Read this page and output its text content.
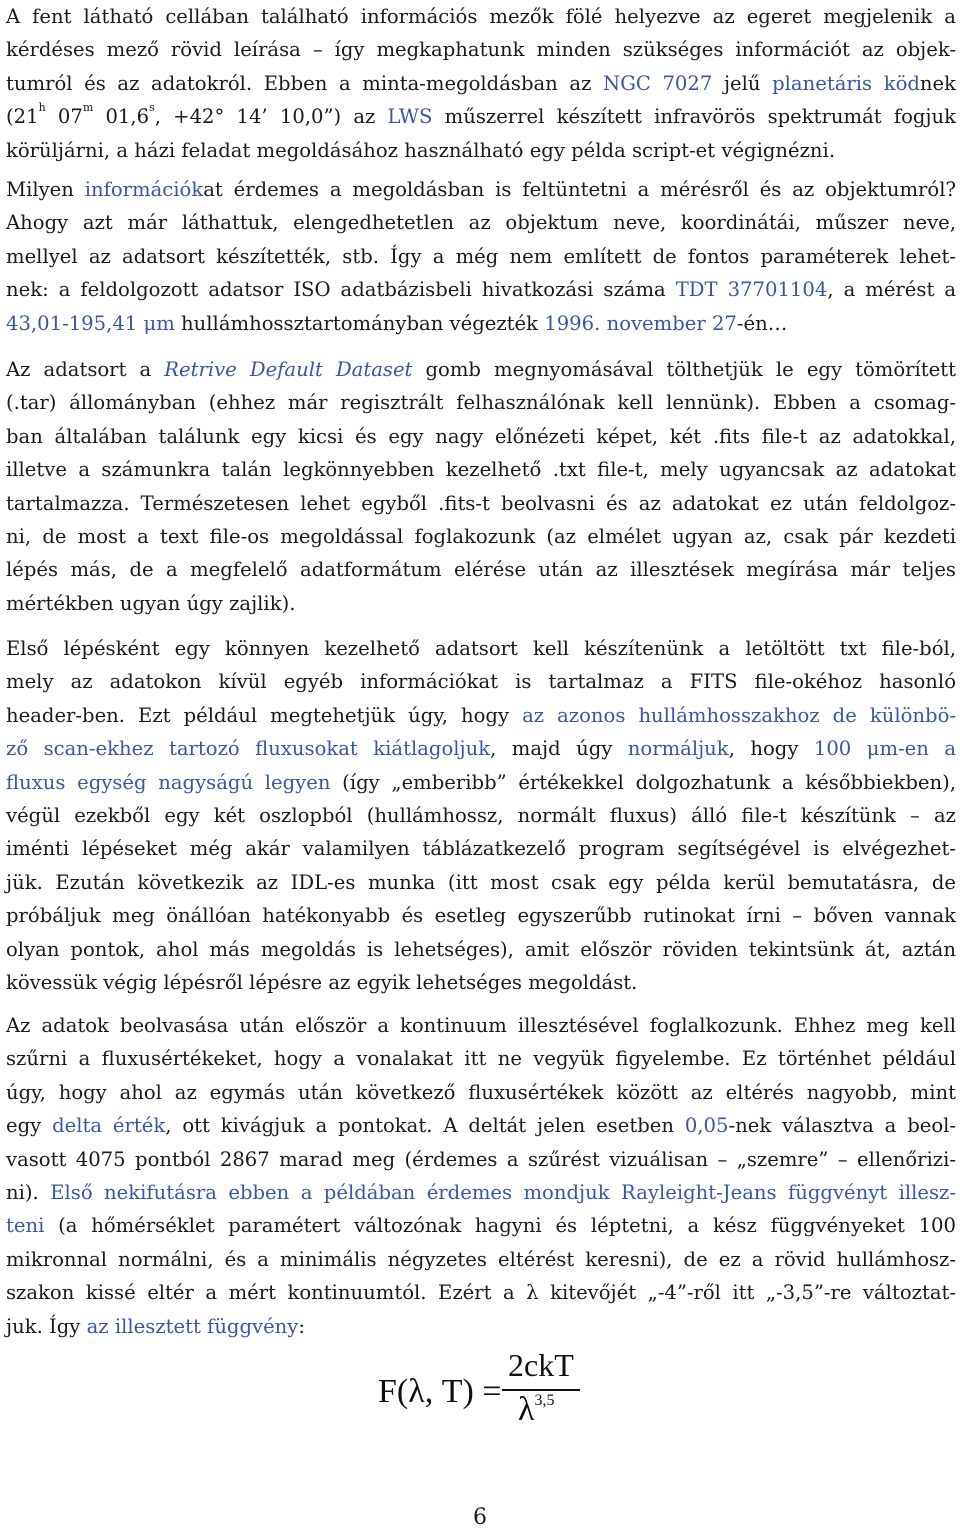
A fent látható cellában található információs mezők fölé helyezve az egeret megjelenik a
kérdéses mező rövid leírása – így megkaphatunk minden szükséges információt az objek-
tumról és az adatokról. Ebben a minta-megoldásban az NGC 7027 jelű planetáris ködnek
(21$^h$ 07$^m$ $01,6^s$, +42° 14’ 10,0”) az LWS műszerrel készített infravörös spektrumát fogjuk
körüljárni, a házi feladat megoldásához használható egy példa script-et végignézni.
Milyen információkat érdemes a megoldásban is feltüntetni a mérésről és az objektumról?
Ahogy azt már láthattuk, elengedhetetlen az objektum neve, koordinátái, műszer neve,
mellyel az adatsort készítették, stb. Így a még nem említett de fontos paraméterek lehet-
nek: a feldolgozott adatsor ISO adatbázisbeli hivatkozási száma TDT 37701104, a mérést a
43,01-195,41 μm hullámhossztartományban végezték 1996. november 27-én…
Az adatsort a Retrive Default Dataset gomb megnyomásával tölthetjük le egy tömörített
(.tar) állományban (ehhez már regisztrált felhasználónak kell lennünk). Ebben a csomag-
ban általában találunk egy kicsi és egy nagy előnézeti képet, két .fits file-t az adatokkal,
illetve a számunkra talán legkönnyebben kezelhető .txt file-t, mely ugyancsak az adatokat
tartalmazza. Természetesen lehet egyből .fits-t beolvasni és az adatokat ez után feldolgoz-
ni, de most a text file-os megoldással foglakozunk (az elmélet ugyan az, csak pár kezdeti
lépés más, de a megfelelő adatformátum elérése után az illesztések megírása már teljes
mértékben ugyan úgy zajlik).
Első lépésként egy könnyen kezelhető adatsort kell készítenünk a letöltött txt file-ból,
mely az adatokon kívül egyéb információkat is tartalmaz a FITS file-okéhoz hasonló
header-ben. Ezt például megtehetjük úgy, hogy az azonos hullámhosszakhoz de különbö-
ző scan-ekhez tartozó fluxusokat kiátlagoljuk, majd úgy normáljuk, hogy 100 μm-en a
fluxus egység nagyságú legyen (így „emberibb” értékekkel dolgozhatunk a későbbiekben),
végül ezekből egy két oszlopból (hullámhossz, normált fluxus) álló file-t készítünk – az
iménti lépéseket még akár valamilyen táblázatkezelő program segítségével is elvégezhet-
jük. Ezután következik az IDL-es munka (itt most csak egy példa kerül bemutatásra, de
próbáljuk meg önállóan hatékonyabb és esetleg egyszerűbb rutinokat írni – bőven vannak
olyan pontok, ahol más megoldás is lehetséges), amit először röviden tekintsünk át, aztán
kövessük végig lépésről lépésre az egyik lehetséges megoldást.
Az adatok beolvasása után először a kontinuum illesztésével foglalkozunk. Ehhez meg kell
szűrni a fluxusértékeket, hogy a vonalakat itt ne vegyük figyelembe. Ez történhet például
úgy, hogy ahol az egymás után következő fluxusértékek között az eltérés nagyobb, mint
egy delta érték, ott kivágjuk a pontokat. A deltát jelen esetben 0,05-nek választva a beol-
vasott 4075 pontból 2867 marad meg (érdemes a szűrést vizuálisan – „szemre” – ellenőrizi-
ni). Első nekifutásra ebben a példában érdemes mondjuk Rayleight-Jeans függvényt illesz-
teni (a hőmérséklet paramétert változónak hagyni és léptetni, a kész függvényeket 100
mikronnal normálni, és a minimális négyzetes eltérést keresni), de ez a rövid hullámhosz-
szakon kissé eltér a mért kontinuumtól. Ezért a λ kitevőjét „-4”-ről itt „-3,5”-re változtat-
juk. Így az illesztett függvény:
F(λ, T) =
2ckT
$\lambda^{3,5}$
6
